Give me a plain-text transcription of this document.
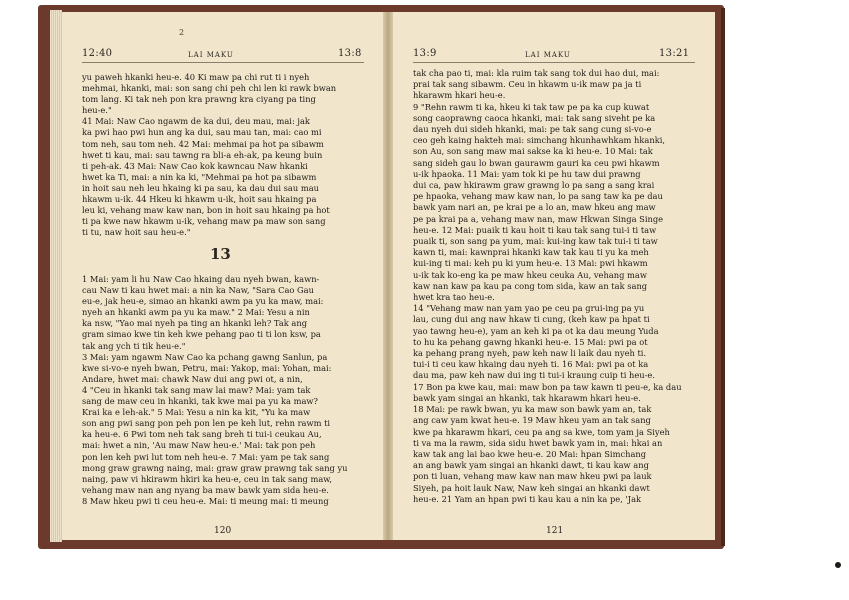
2
12:40	LAI MAKU	13:8
yu paweh hkanki heu-e. 40 Ki maw pa chi rut ti i nyeh
mehmai, hkanki, mai: son sang chi peh chi len ki rawk bwan
tom lang. Ki tak neh pon kra prawng kra ciyang pa ting
heu-e."
41 Mai: Naw Cao ngawm de ka dui, deu mau, mai: jak
ka pwi hao pwi hun ang ka dui, sau mau tan, mai: cao mi
tom neh, sau tom neh. 42 Mai: mehmai pa hot pa sibawm
hwet ti kau, mai: sau tawng ra bli-a eh-ak, pa keung buin
ti peh-ak. 43 Mai: Naw Cao kok kawncau Naw hkanki
hwet ka Ti, mai: a nin ka ki, "Mehmai pa hot pa sibawm
in hoit sau neh leu hkaing ki pa sau, ka dau dui sau mau
hkawm u-ik. 44 Hkeu ki hkawm u-ik, hoit sau hkaing pa
leu ki, vehang maw kaw nan, bon in hoit sau hkaing pa hot
ti pa kwe naw hkawm u-ik, vehang maw pa maw son sang
ti tu, naw hoit sau heu-e."
13
1 Mai: yam li hu Naw Cao hkaing dau nyeh bwan, kawn-
cau Naw ti kau hwet mai: a nin ka Naw, "Sara Cao Gau
eu-e, jak heu-e, simao an hkanki awm pa yu ka maw, mai:
nyeh an hkanki awm pa yu ka maw." 2 Mai: Yesu a nin
ka nsw, "Yao mai nyeh pa ting an hkanki leh? Tak ang
gram simao kwe tin keh kwe pehang pao ti ti lon ksw, pa
tak ang ych ti tik heu-e."
3 Mai: yam ngawm Naw Cao ka pchang gawng Sanlun, pa
kwe si-vo-e nyeh bwan, Petru, mai: Yakop, mai: Yohan, mai:
Andare, hwet mai: chawk Naw dui ang pwi ot, a nin,
4 "Ceu in hkanki tak sang maw lai maw? Mai: yam tak
sang de maw ceu in hkanki, tak kwe mai pa yu ka maw?
Krai ka e leh-ak." 5 Mai: Yesu a nin ka kit, "Yu ka maw
son ang pwi sang pon peh pon len pe keh lut, rehn rawm ti
ka heu-e. 6 Pwi tom neh tak sang breh ti tui-i ceukau Au,
mai: hwet a nin, 'Au maw Naw heu-e.' Mai: tak pon peh
pon len keh pwi lut tom neh heu-e. 7 Mai: yam pe tak sang
mong graw grawng naing, mai: graw graw prawng tak sang yu
naing, paw vi hkirawm hkiri ka heu-e, ceu in tak sang maw,
vehang maw nan ang nyang ba maw bawk yam sida heu-e.
8 Maw hkeu pwi ti ceu heu-e. Mai: ti meung mai: ti meung
120
13:9	LAI MAKU	13:21
tak cha pao ti, mai: kla ruim tak sang tok dui hao dui, mai:
prai tak sang sibawm. Ceu in hkawm u-ik maw pa ja ti
hkarawm hkari heu-e.
9 "Rehn rawm ti ka, hkeu ki tak taw pe pa ka cup kuwat
song caoprawng caoca hkanki, mai: tak sang siveht pe ka
dau nyeh dui sideh hkanki, mai: pe tak sang cung si-vo-e
ceo geh kaing hakteh mai: simchang hkunhawhkam hkanki,
son Au, son sang maw mai sakse ka ki heu-e. 10 Mai: tak
sang sideh gau lo bwan gaurawm gauri ka ceu pwi hkawm
u-ik hpaoka. 11 Mai: yam tok ki pe hu taw dui prawng
dui ca, paw hkirawm graw grawng lo pa sang a sang krai
pe hpaoka, vehang maw kaw nan, lo pa sang taw ka pe dau
bawk yam nari an, pe krai pe a lo an, maw hkeu ang maw
pe pa krai pa a, vehang maw nan, maw Hkwan Singa Singe
heu-e. 12 Mai: puaik ti kau hoit ti kau tak sang tui-i ti taw
puaik ti, son sang pa yum, mai: kui-ing kaw tak tui-i ti taw
kawn ti, mai: kawnprai hkanki kaw tak kau ti yu ka meh
kui-ing ti mai: keh pu ki yum heu-e. 13 Mai: pwi hkawm
u-ik tak ko-eng ka pe maw hkeu ceuka Au, vehang maw
kaw nan kaw pa kau pa cong tom sida, kaw an tak sang
hwet kra tao heu-e.
14 "Vehang maw nan yam yao pe ceu pa grui-ing pa yu
lau, cung dui ang naw hkaw ti cung, (keh kaw pa hpat ti
yao tawng heu-e), yam an keh ki pa ot ka dau meung Yuda
to hu ka pehang gawng hkanki heu-e. 15 Mai: pwi pa ot
ka pehang prang nyeh, paw keh naw li laik dau nyeh ti.
tui-i ti ceu kaw hkaing dau nyeh ti. 16 Mai: pwi pa ot ka
dau ma, paw keh naw dui ing ti tui-i kraung cuip ti heu-e.
17 Bon pa kwe kau, mai: maw bon pa taw kawn ti peu-e, ka dau
bawk yam singai an hkanki, tak hkarawm hkari heu-e.
18 Mai: pe rawk bwan, yu ka maw son bawk yam an, tak
ang caw yam kwat heu-e. 19 Maw hkeu yam an tak sang
kwe pa hkarawm hkari, ceu pa ang sa kwe, tom yam ja Siyeh
ti va ma la rawm, sida sidu hwet bawk yam in, mai: hkai an
kaw tak ang lai bao kwe heu-e. 20 Mai: hpan Simchang
an ang bawk yam singai an hkanki dawt, ti kau kaw ang
pon ti luan, vehang maw kaw nan maw hkeu pwi pa lauk
Siyeh, pa hoit lauk Naw, Naw keh singai an hkanki dawt
heu-e. 21 Yam an hpan pwi ti kau kau a nin ka pe, 'Jak
121
